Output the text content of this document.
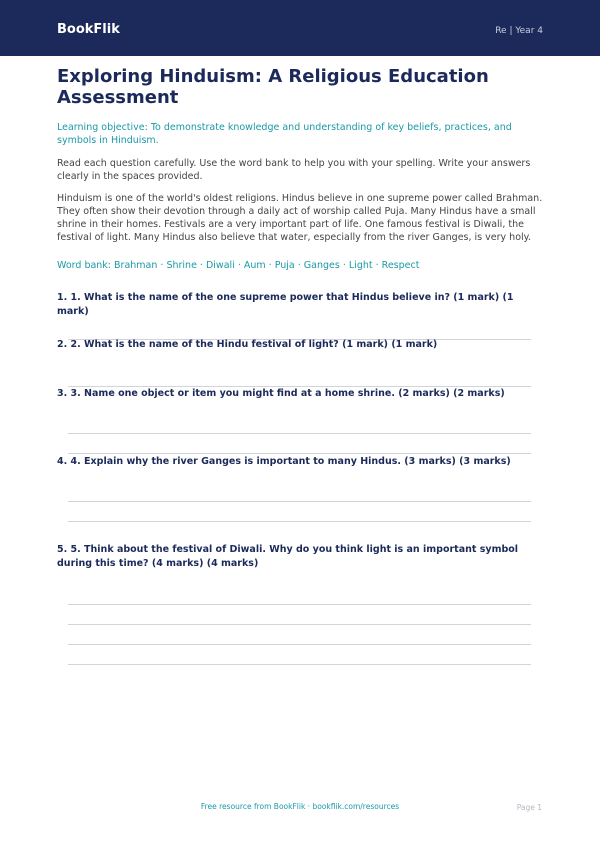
BookFlik	Re | Year 4
Exploring Hinduism: A Religious Education Assessment
Learning objective: To demonstrate knowledge and understanding of key beliefs, practices, and symbols in Hinduism.
Read each question carefully. Use the word bank to help you with your spelling. Write your answers clearly in the spaces provided.
Hinduism is one of the world's oldest religions. Hindus believe in one supreme power called Brahman. They often show their devotion through a daily act of worship called Puja. Many Hindus have a small shrine in their homes. Festivals are a very important part of life. One famous festival is Diwali, the festival of light. Many Hindus also believe that water, especially from the river Ganges, is very holy.
Word bank: Brahman · Shrine · Diwali · Aum · Puja · Ganges · Light · Respect
1. 1. What is the name of the one supreme power that Hindus believe in? (1 mark) (1 mark)
2. 2. What is the name of the Hindu festival of light? (1 mark) (1 mark)
3. 3. Name one object or item you might find at a home shrine. (2 marks) (2 marks)
4. 4. Explain why the river Ganges is important to many Hindus. (3 marks) (3 marks)
5. 5. Think about the festival of Diwali. Why do you think light is an important symbol during this time? (4 marks) (4 marks)
Free resource from BookFlik · bookflik.com/resources	Page 1
